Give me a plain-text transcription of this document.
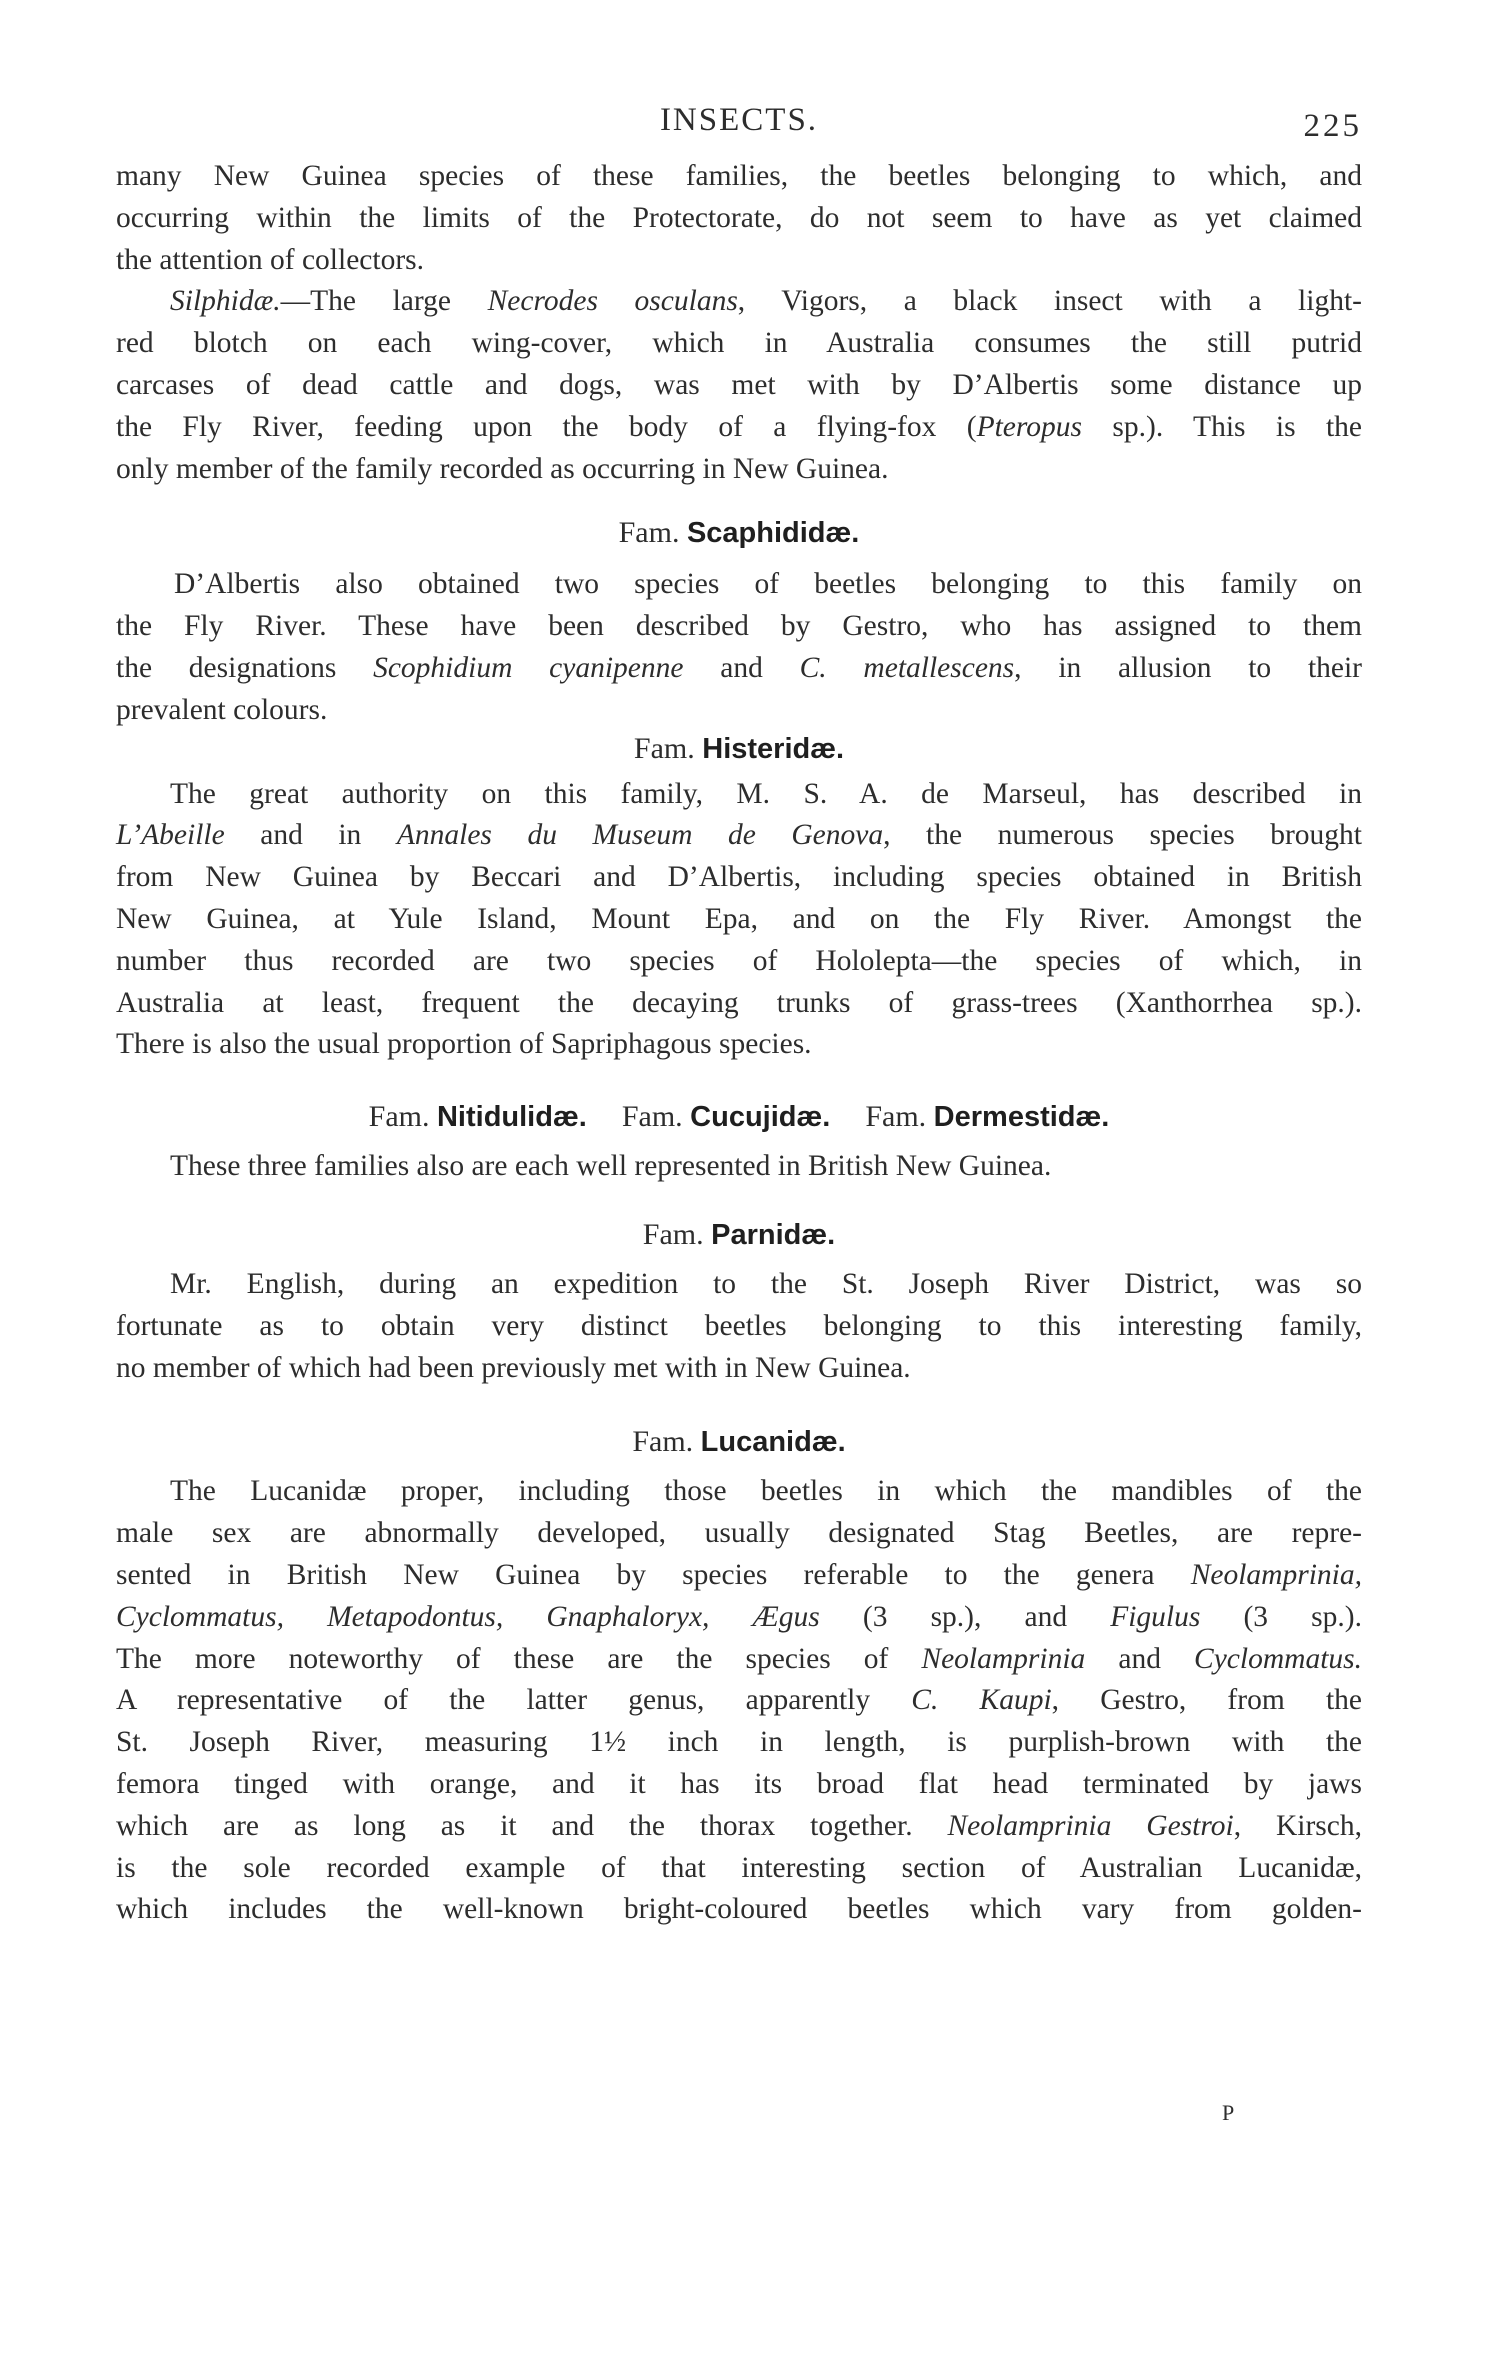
INSECTS.	225
many New Guinea species of these families, the beetles belonging to which, and
occurring within the limits of the Protectorate, do not seem to have as yet claimed
the attention of collectors.
Silphidæ.—The large Necrodes osculans, Vigors, a black insect with a light-
red blotch on each wing-cover, which in Australia consumes the still putrid
carcases of dead cattle and dogs, was met with by D’Albertis some distance up
the Fly River, feeding upon the body of a flying-fox (Pteropus sp.). This is the
only member of the family recorded as occurring in New Guinea.
Fam. Scaphididæ.
D’Albertis also obtained two species of beetles belonging to this family on
the Fly River. These have been described by Gestro, who has assigned to them
the designations Scophidium cyanipenne and C. metallescens, in allusion to their
prevalent colours.
Fam. Histeridæ.
The great authority on this family, M. S. A. de Marseul, has described in
L’Abeille and in Annales du Museum de Genova, the numerous species brought
from New Guinea by Beccari and D’Albertis, including species obtained in British
New Guinea, at Yule Island, Mount Epa, and on the Fly River. Amongst the
number thus recorded are two species of Hololepta—the species of which, in
Australia at least, frequent the decaying trunks of grass-trees (Xanthorrhea sp.).
There is also the usual proportion of Sapriphagous species.
Fam. Nitidulidæ. Fam. Cucujidæ. Fam. Dermestidæ.
These three families also are each well represented in British New Guinea.
Fam. Parnidæ.
Mr. English, during an expedition to the St. Joseph River District, was so
fortunate as to obtain very distinct beetles belonging to this interesting family,
no member of which had been previously met with in New Guinea.
Fam. Lucanidæ.
The Lucanidæ proper, including those beetles in which the mandibles of the
male sex are abnormally developed, usually designated Stag Beetles, are repre-
sented in British New Guinea by species referable to the genera Neolamprinia,
Cyclommatus, Metapodontus, Gnaphaloryx, Ægus (3 sp.), and Figulus (3 sp.).
The more noteworthy of these are the species of Neolamprinia and Cyclommatus.
A representative of the latter genus, apparently C. Kaupi, Gestro, from the
St. Joseph River, measuring 1½ inch in length, is purplish-brown with the
femora tinged with orange, and it has its broad flat head terminated by jaws
which are as long as it and the thorax together. Neolamprinia Gestroi, Kirsch,
is the sole recorded example of that interesting section of Australian Lucanidæ,
which includes the well-known bright-coloured beetles which vary from golden-
P
